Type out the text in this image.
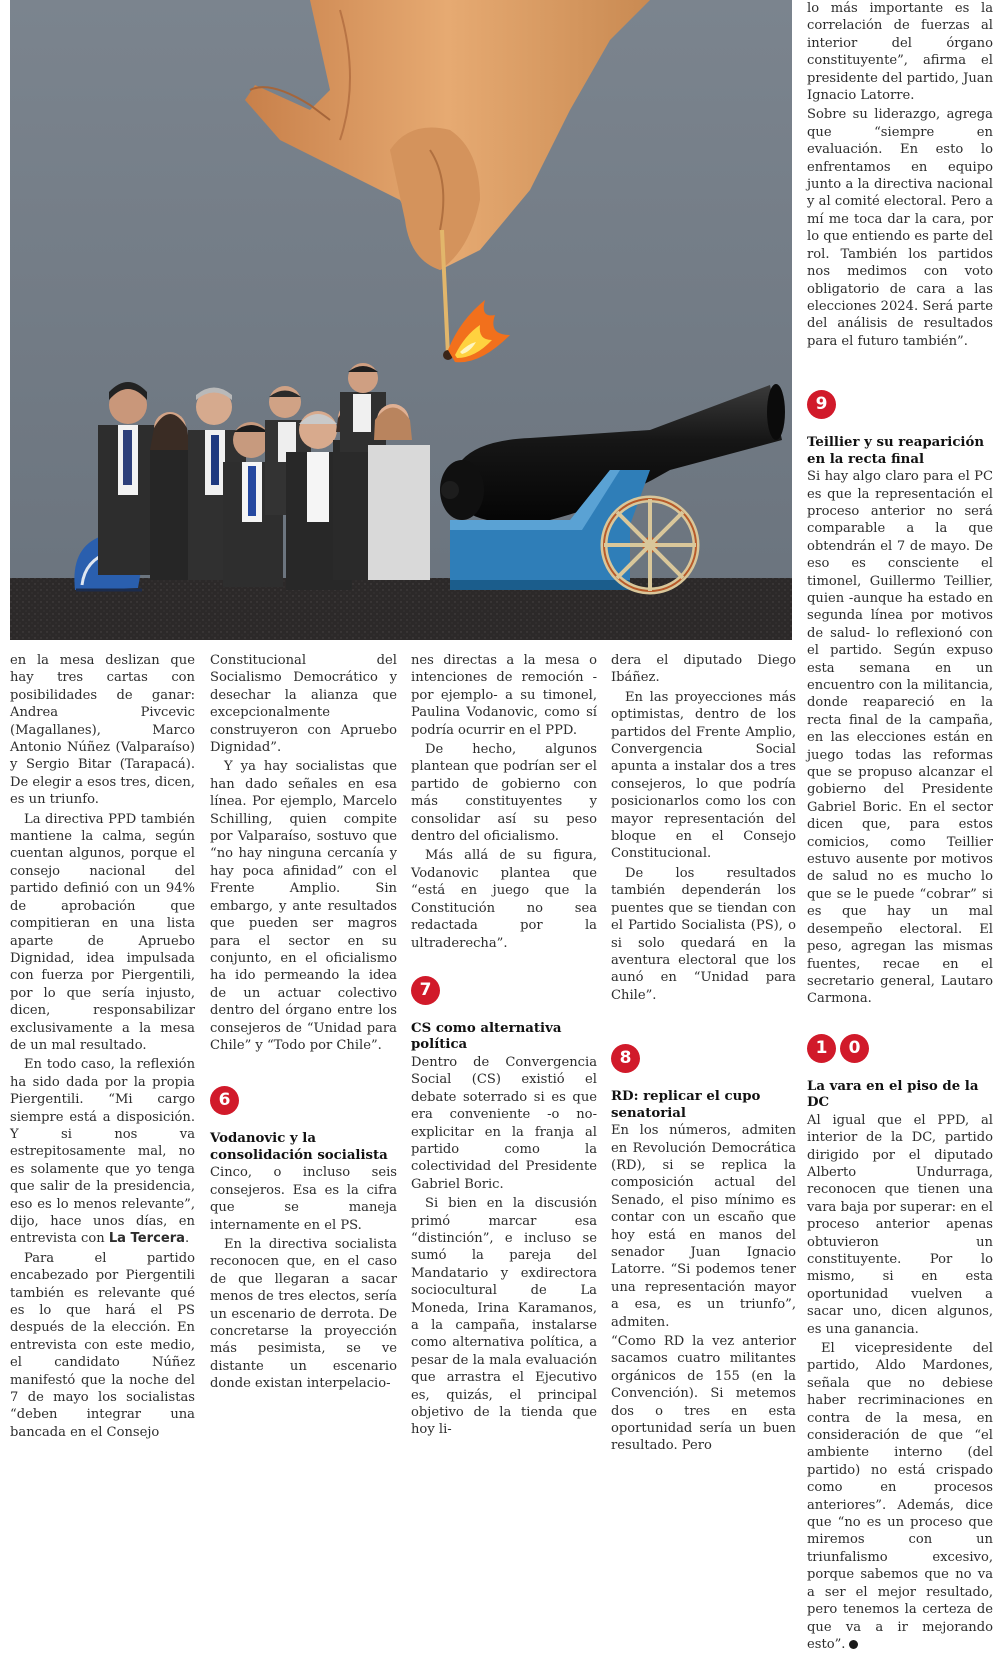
en la mesa deslizan que hay tres cartas con posibilidades de ganar: Andrea Pivcevic (Magallanes), Marco Antonio Núñez (Valparaíso) y Sergio Bitar (Tarapacá). De elegir a esos tres, dicen, es un triunfo.

La directiva PPD también mantiene la calma, según cuentan algunos, porque el consejo nacional del partido definió con un 94% de aprobación que compitieran en una lista aparte de Apruebo Dignidad, idea impulsada con fuerza por Piergentili, por lo que sería injusto, dicen, responsabilizar exclusivamente a la mesa de un mal resultado.

En todo caso, la reflexión ha sido dada por la propia Piergentili. “Mi cargo siempre está a disposición. Y si nos va estrepitosamente mal, no es solamente que yo tenga que salir de la presidencia, eso es lo menos relevante”, dijo, hace unos días, en entrevista con La Tercera.

Para el partido encabezado por Piergentili también es relevante qué es lo que hará el PS después de la elección. En entrevista con este medio, el candidato Núñez manifestó que la noche del 7 de mayo los socialistas “deben integrar una bancada en el Consejo

Constitucional del Socialismo Democrático y desechar la alianza que excepcionalmente construyeron con Apruebo Dignidad”.

Y ya hay socialistas que han dado señales en esa línea. Por ejemplo, Marcelo Schilling, quien compite por Valparaíso, sostuvo que “no hay ninguna cercanía y hay poca afinidad” con el Frente Amplio. Sin embargo, y ante resultados que pueden ser magros para el sector en su conjunto, en el oficialismo ha ido permeando la idea de un actuar colectivo dentro del órgano entre los consejeros de “Unidad para Chile” y “Todo por Chile”.

6
Vodanovic y la consolidación socialista

Cinco, o incluso seis consejeros. Esa es la cifra que se maneja internamente en el PS.

En la directiva socialista reconocen que, en el caso de que llegaran a sacar menos de tres electos, sería un escenario de derrota. De concretarse la proyección más pesimista, se ve distante un escenario donde existan interpelacio-

nes directas a la mesa o intenciones de remoción -por ejemplo- a su timonel, Paulina Vodanovic, como sí podría ocurrir en el PPD.

De hecho, algunos plantean que podrían ser el partido de gobierno con más constituyentes y consolidar así su peso dentro del oficialismo.

Más allá de su figura, Vodanovic plantea que “está en juego que la Constitución no sea redactada por la ultraderecha”.

7
CS como alternativa política

Dentro de Convergencia Social (CS) existió el debate soterrado si es que era conveniente -o no- explicitar en la franja al partido como la colectividad del Presidente Gabriel Boric.

Si bien en la discusión primó marcar esa “distinción”, e incluso se sumó la pareja del Mandatario y exdirectora sociocultural de La Moneda, Irina Karamanos, a la campaña, instalarse como alternativa política, a pesar de la mala evaluación que arrastra el Ejecutivo es, quizás, el principal objetivo de la tienda que hoy li-

dera el diputado Diego Ibáñez.

En las proyecciones más optimistas, dentro de los partidos del Frente Amplio, Convergencia Social apunta a instalar dos a tres consejeros, lo que podría posicionarlos como los con mayor representación del bloque en el Consejo Constitucional.

De los resultados también dependerán los puentes que se tiendan con el Partido Socialista (PS), o si solo quedará en la aventura electoral que los aunó en “Unidad para Chile”.

8
RD: replicar el cupo senatorial

En los números, admiten en Revolución Democrática (RD), si se replica la composición actual del Senado, el piso mínimo es contar con un escaño que hoy está en manos del senador Juan Ignacio Latorre. “Si podemos tener una representación mayor a esa, es un triunfo”, admiten.

“Como RD la vez anterior sacamos cuatro militantes orgánicos de 155 (en la Convención). Si metemos dos o tres en esta oportunidad sería un buen resultado. Pero

lo más importante es la correlación de fuerzas al interior del órgano constituyente”, afirma el presidente del partido, Juan Ignacio Latorre.

Sobre su liderazgo, agrega que “siempre en evaluación. En esto lo enfrentamos en equipo junto a la directiva nacional y al comité electoral. Pero a mí me toca dar la cara, por lo que entiendo es parte del rol. También los partidos nos medimos con voto obligatorio de cara a las elecciones 2024. Será parte del análisis de resultados para el futuro también”.

9
Teillier y su reaparición en la recta final

Si hay algo claro para el PC es que la representación el proceso anterior no será comparable a la que obtendrán el 7 de mayo. De eso es consciente el timonel, Guillermo Teillier, quien -aunque ha estado en segunda línea por motivos de salud- lo reflexionó con el partido. Según expuso esta semana en un encuentro con la militancia, donde reapareció en la recta final de la campaña, en las elecciones están en juego todas las reformas que se propuso alcanzar el gobierno del Presidente Gabriel Boric. En el sector dicen que, para estos comicios, como Teillier estuvo ausente por motivos de salud no es mucho lo que se le puede “cobrar” si es que hay un mal desempeño electoral. El peso, agregan las mismas fuentes, recae en el secretario general, Lautaro Carmona.

1	0
La vara en el piso de la DC

Al igual que el PPD, al interior de la DC, partido dirigido por el diputado Alberto Undurraga, reconocen que tienen una vara baja por superar: en el proceso anterior apenas obtuvieron un constituyente. Por lo mismo, si en esta oportunidad vuelven a sacar uno, dicen algunos, es una ganancia.

El vicepresidente del partido, Aldo Mardones, señala que no debiese haber recriminaciones en contra de la mesa, en consideración de que “el ambiente interno (del partido) no está crispado como en procesos anteriores”. Además, dice que “no es un proceso que miremos con un triunfalismo excesivo, porque sabemos que no va a ser el mejor resultado, pero tenemos la certeza de que va a ir mejorando esto”.
